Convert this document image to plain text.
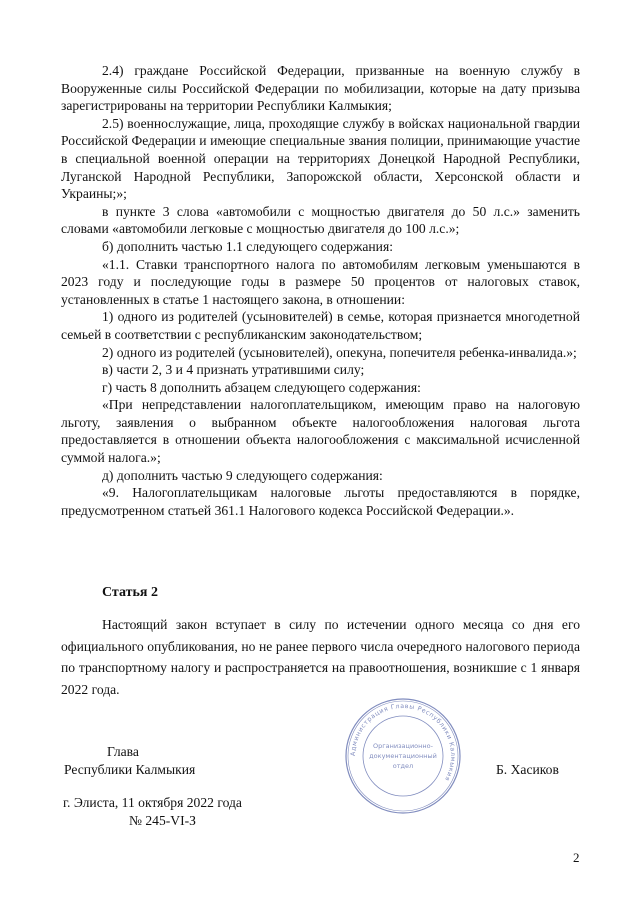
2.4) граждане Российской Федерации, призванные на военную службу в Вооруженные силы Российской Федерации по мобилизации, которые на дату призыва зарегистрированы на территории Республики Калмыкия;

2.5) военнослужащие, лица, проходящие службу в войсках национальной гвардии Российской Федерации и имеющие специальные звания полиции, принимающие участие в специальной военной операции на территориях Донецкой Народной Республики, Луганской Народной Республики, Запорожской области, Херсонской области и Украины;»;

в пункте 3 слова «автомобили с мощностью двигателя до 50 л.с.» заменить словами «автомобили легковые с мощностью двигателя до 100 л.с.»;

б) дополнить частью 1.1 следующего содержания:

«1.1. Ставки транспортного налога по автомобилям легковым уменьшаются в 2023 году и последующие годы в размере 50 процентов от налоговых ставок, установленных в статье 1 настоящего закона, в отношении:

1) одного из родителей (усыновителей) в семье, которая признается многодетной семьей в соответствии с республиканским законодательством;

2) одного из родителей (усыновителей), опекуна, попечителя ребенка-инвалида.»;

в) части 2, 3 и 4 признать утратившими силу;

г) часть 8 дополнить абзацем следующего содержания:

«При непредставлении налогоплательщиком, имеющим право на налоговую льготу, заявления о выбранном объекте налогообложения налоговая льгота предоставляется в отношении объекта налогообложения с максимальной исчисленной суммой налога.»;

д) дополнить частью 9 следующего содержания:

«9. Налогоплательщикам налоговые льготы предоставляются в порядке, предусмотренном статьей 361.1 Налогового кодекса Российской Федерации.».

Статья 2

Настоящий закон вступает в силу по истечении одного месяца со дня его официального опубликования, но не ранее первого числа очередного налогового периода по транспортному налогу и распространяется на правоотношения, возникшие с 1 января 2022 года.

Глава
Республики Калмыкия	Б. Хасиков
г. Элиста, 11 октября 2022 года
№ 245-VI-З
Администрация Главы Республики Калмыкия
Организационно-
документационный
отдел
2
